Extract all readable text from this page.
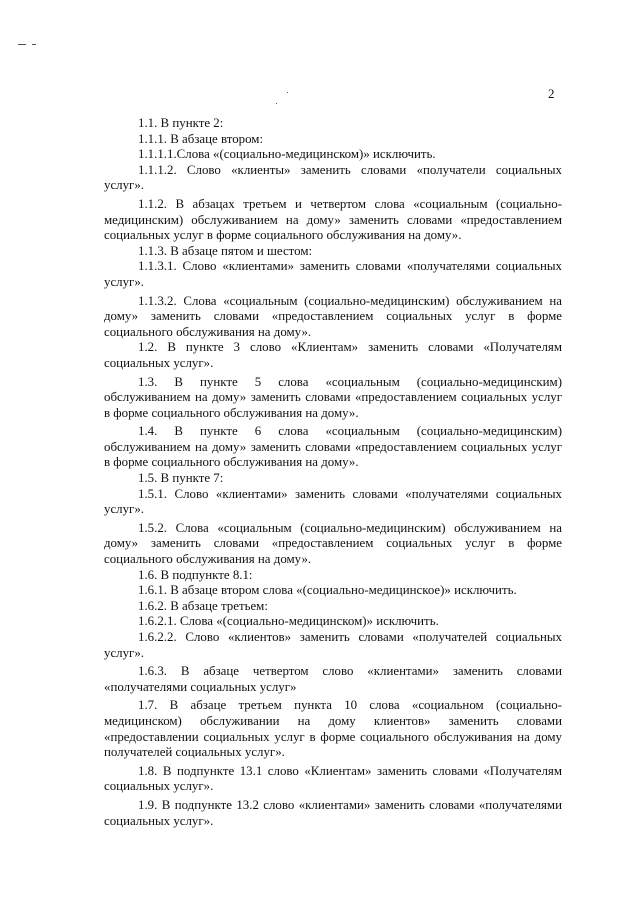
2

1.1. В пункте 2:

1.1.1. В абзаце втором:

1.1.1.1.Слова «(социально-медицинском)» исключить.

1.1.1.2. Слово «клиенты» заменить словами «получатели социальных услуг».

1.1.2. В абзацах третьем и четвертом слова «социальным (социально-медицинским) обслуживанием на дому» заменить словами «предоставлением социальных услуг в форме социального обслуживания на дому».

1.1.3. В абзаце пятом и шестом:

1.1.3.1. Слово «клиентами» заменить словами «получателями социальных услуг».

1.1.3.2. Слова «социальным (социально-медицинским) обслуживанием на дому» заменить словами «предоставлением социальных услуг в форме социального обслуживания на дому».

1.2. В пункте 3 слово «Клиентам» заменить словами «Получателям социальных услуг».

1.3. В пункте 5 слова «социальным (социально-медицинским) обслуживанием на дому» заменить словами «предоставлением социальных услуг в форме социального обслуживания на дому».

1.4. В пункте 6 слова «социальным (социально-медицинским) обслуживанием на дому» заменить словами «предоставлением социальных услуг в форме социального обслуживания на дому».

1.5. В пункте 7:

1.5.1. Слово «клиентами» заменить словами «получателями социальных услуг».

1.5.2. Слова «социальным (социально-медицинским) обслуживанием на дому» заменить словами «предоставлением социальных услуг в форме социального обслуживания на дому».

1.6. В подпункте 8.1:

1.6.1. В абзаце втором слова «(социально-медицинское)» исключить.

1.6.2. В абзаце третьем:

1.6.2.1. Слова «(социально-медицинском)» исключить.

1.6.2.2. Слово «клиентов» заменить словами «получателей социальных услуг».

1.6.3. В абзаце четвертом слово «клиентами» заменить словами «получателями социальных услуг»

1.7. В абзаце третьем пункта 10 слова «социальном (социально-медицинском) обслуживании на дому клиентов» заменить словами «предоставлении социальных услуг в форме социального обслуживания на дому получателей социальных услуг».

1.8. В подпункте 13.1 слово «Клиентам» заменить словами «Получателям социальных услуг».

1.9. В подпункте 13.2 слово «клиентами» заменить словами «получателями социальных услуг».
